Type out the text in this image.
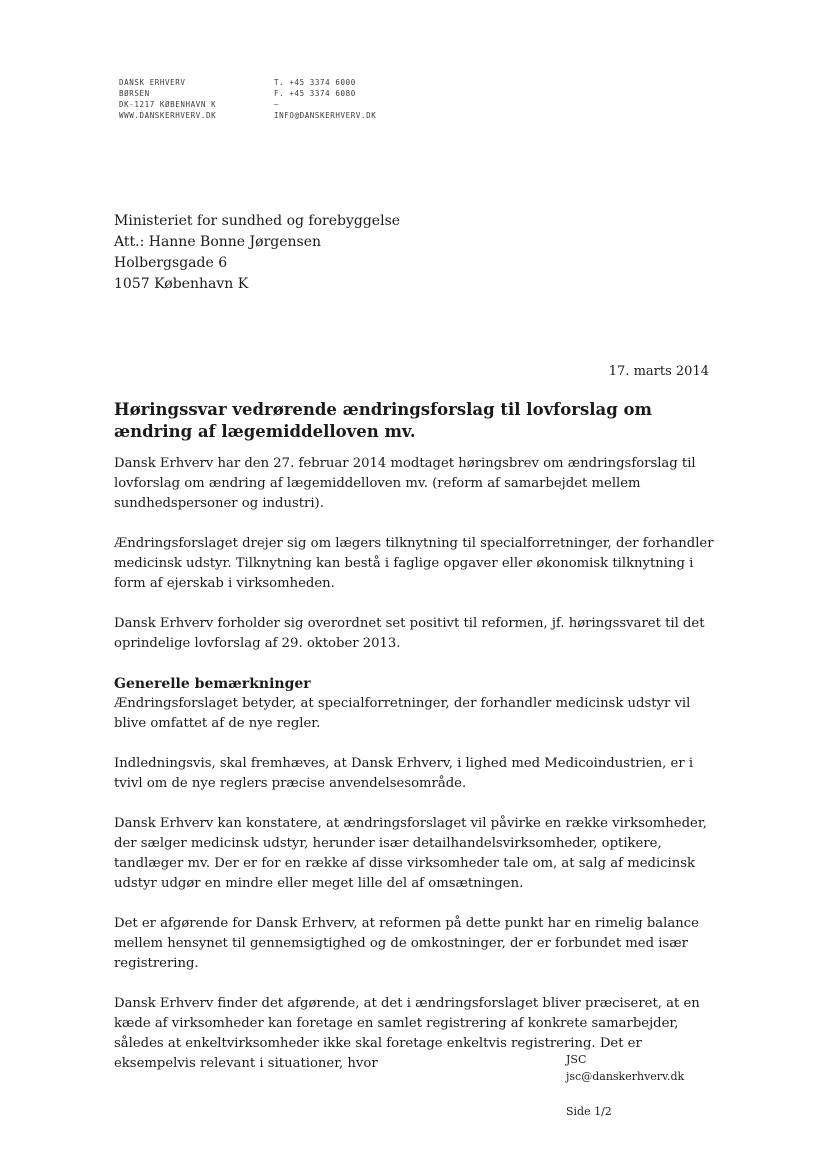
DANSK ERHVERV
BØRSEN
DK-1217 KØBENHAVN K
WWW.DANSKERHVERV.DK
T. +45 3374 6000
F. +45 3374 6080
–
INFO@DANSKERHVERV.DK
Ministeriet for sundhed og forebyggelse
Att.: Hanne Bonne Jørgensen
Holbergsgade 6
1057 København K
17. marts 2014
Høringssvar vedrørende ændringsforslag til lovforslag om ændring af lægemiddelloven mv.

Dansk Erhverv har den 27. februar 2014 modtaget høringsbrev om ændringsforslag til lovforslag om ændring af lægemiddelloven mv. (reform af samarbejdet mellem sundhedspersoner og industri).

Ændringsforslaget drejer sig om lægers tilknytning til specialforretninger, der forhandler medicinsk udstyr. Tilknytning kan bestå i faglige opgaver eller økonomisk tilknytning i form af ejerskab i virksomheden.

Dansk Erhverv forholder sig overordnet set positivt til reformen, jf. høringssvaret til det oprindelige lovforslag af 29. oktober 2013.

Generelle bemærkninger

Ændringsforslaget betyder, at specialforretninger, der forhandler medicinsk udstyr vil blive omfattet af de nye regler.

Indledningsvis, skal fremhæves, at Dansk Erhverv, i lighed med Medicoindustrien, er i tvivl om de nye reglers præcise anvendelsesområde.

Dansk Erhverv kan konstatere, at ændringsforslaget vil påvirke en række virksomheder, der sælger medicinsk udstyr, herunder især detailhandelsvirksomheder, optikere, tandlæger mv. Der er for en række af disse virksomheder tale om, at salg af medicinsk udstyr udgør en mindre eller meget lille del af omsætningen.

Det er afgørende for Dansk Erhverv, at reformen på dette punkt har en rimelig balance mellem hensynet til gennemsigtighed og de omkostninger, der er forbundet med især registrering.

Dansk Erhverv finder det afgørende, at det i ændringsforslaget bliver præciseret, at en kæde af virksomheder kan foretage en samlet registrering af konkrete samarbejder, således at enkeltvirksomheder ikke skal foretage enkeltvis registrering. Det er eksempelvis relevant i situationer, hvor	JSC
jsc@danskerhverv.dk
Side 1/2
